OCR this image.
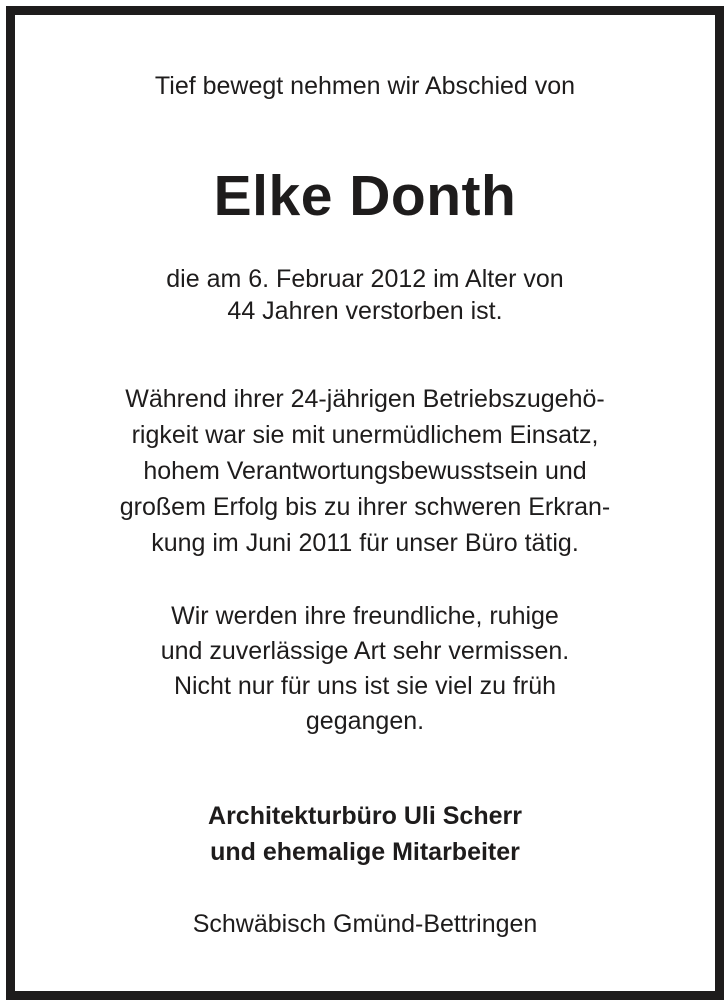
Tief bewegt nehmen wir Abschied von
Elke Donth
die am 6. Februar 2012 im Alter von
44 Jahren verstorben ist.
Während ihrer 24-jährigen Betriebszugehö-
rigkeit war sie mit unermüdlichem Einsatz,
hohem Verantwortungsbewusstsein und
großem Erfolg bis zu ihrer schweren Erkran-
kung im Juni 2011 für unser Büro tätig.
Wir werden ihre freundliche, ruhige
und zuverlässige Art sehr vermissen.
Nicht nur für uns ist sie viel zu früh
gegangen.
Architekturbüro Uli Scherr
und ehemalige Mitarbeiter
Schwäbisch Gmünd-Bettringen
